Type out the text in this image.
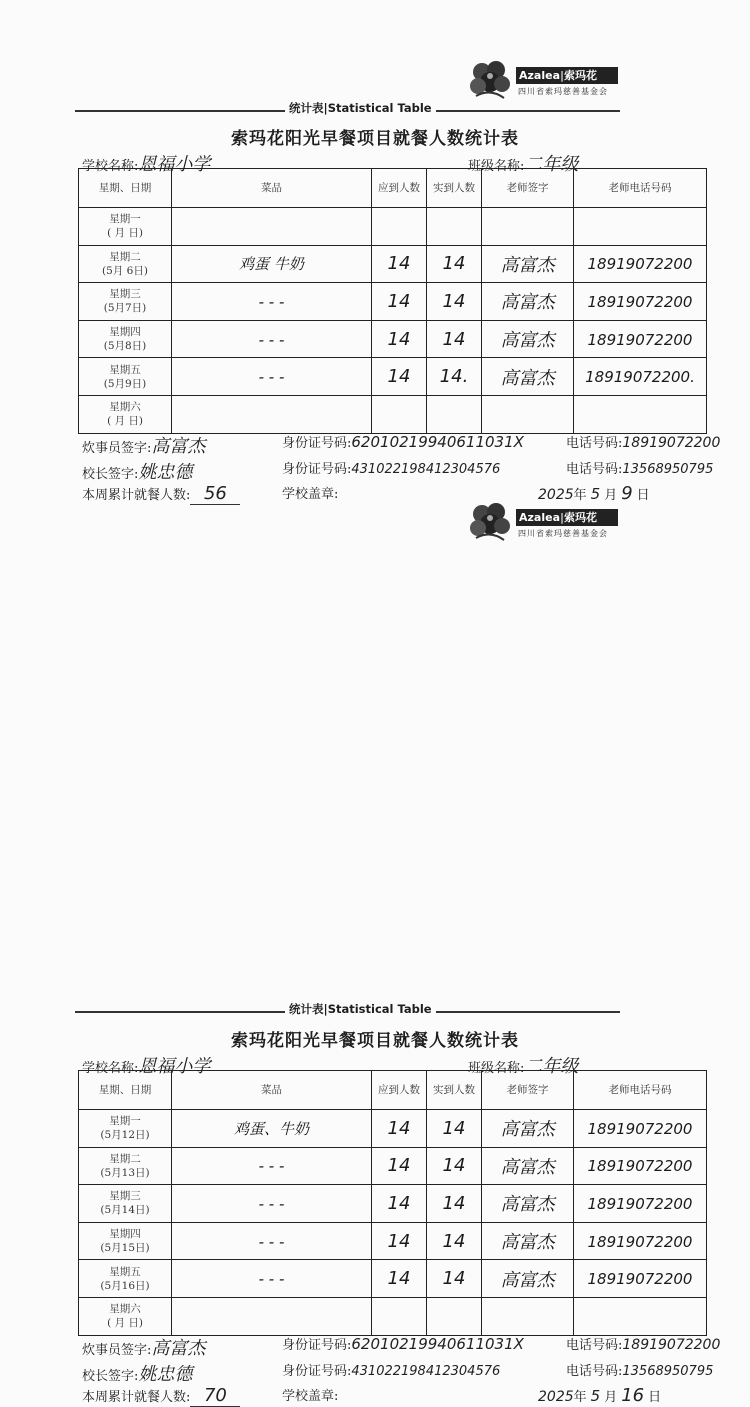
Azalea|索玛花
四川省索玛慈善基金会
统计表|Statistical Table
索玛花阳光早餐项目就餐人数统计表
学校名称:恩福小学	班级名称:二年级
星期、日期	菜品	应到人数	实到人数	老师签字	老师电话号码

星期一
( 月 日)					

星期二
(5月 6日)	鸡蛋 牛奶	14	14	高富杰	18919072200

星期三
(5月7日)	- - -	14	14	高富杰	18919072200

星期四
(5月8日)	- - -	14	14	高富杰	18919072200

星期五
(5月9日)	- - -	14	14.	高富杰	18919072200.

星期六
( 月 日)					

炊事员签字:高富杰	身份证号码:62010219940611031X	电话号码:18919072200
校长签字:姚忠德	身份证号码:431022198412304576	电话号码:13568950795
本周累计就餐人数: 56	学校盖章:	2025年 5 月 9 日
Azalea|索玛花
四川省索玛慈善基金会
统计表|Statistical Table
索玛花阳光早餐项目就餐人数统计表
学校名称:恩福小学	班级名称:二年级
星期、日期	菜品	应到人数	实到人数	老师签字	老师电话号码

星期一
(5月12日)	鸡蛋、牛奶	14	14	高富杰	18919072200

星期二
(5月13日)	- - -	14	14	高富杰	18919072200

星期三
(5月14日)	- - -	14	14	高富杰	18919072200

星期四
(5月15日)	- - -	14	14	高富杰	18919072200

星期五
(5月16日)	- - -	14	14	高富杰	18919072200

星期六
( 月 日)					

炊事员签字:高富杰	身份证号码:62010219940611031X	电话号码:18919072200
校长签字:姚忠德	身份证号码:431022198412304576	电话号码:13568950795
本周累计就餐人数: 70	学校盖章:	2025年 5 月 16 日
